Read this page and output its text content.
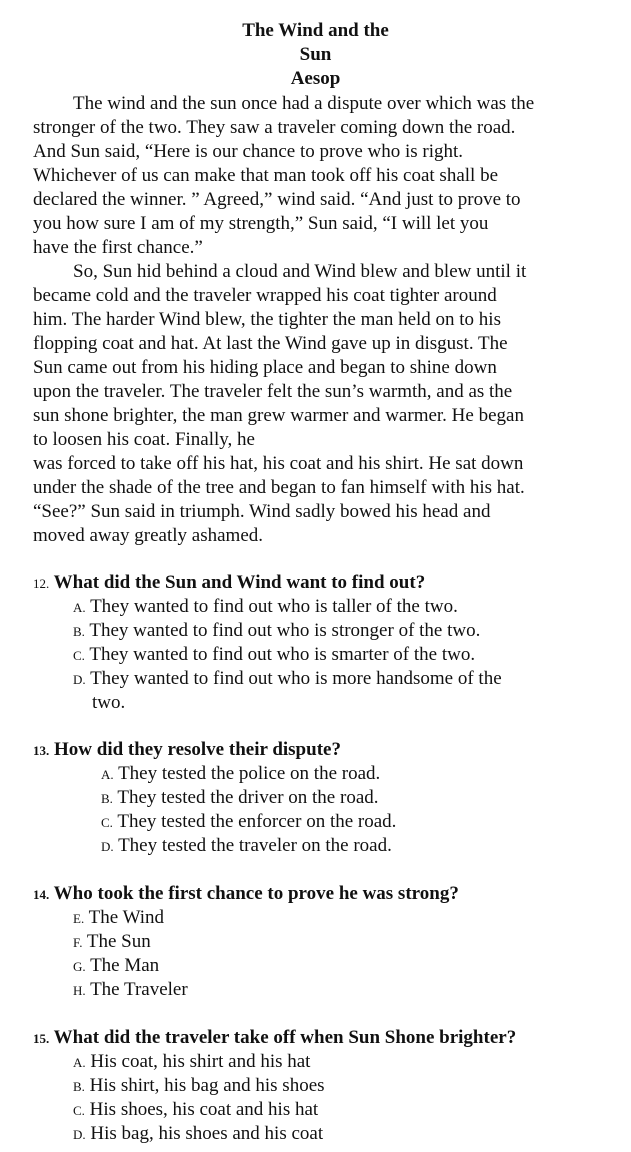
The Wind and the
Sun
Aesop
The wind and the sun once had a dispute over which was the
stronger of the two. They saw a traveler coming down the road.
And Sun said, “Here is our chance to prove who is right.
Whichever of us can make that man took off his coat shall be
declared the winner. ” Agreed,” wind said. “And just to prove to
you how sure I am of my strength,” Sun said, “I will let you
have the first chance.”
So, Sun hid behind a cloud and Wind blew and blew until it
became cold and the traveler wrapped his coat tighter around
him. The harder Wind blew, the tighter the man held on to his
flopping coat and hat. At last the Wind gave up in disgust. The
Sun came out from his hiding place and began to shine down
upon the traveler. The traveler felt the sun’s warmth, and as the
sun shone brighter, the man grew warmer and warmer. He began
to loosen his coat. Finally, he
was forced to take off his hat, his coat and his shirt. He sat down
under the shade of the tree and began to fan himself with his hat.
“See?” Sun said in triumph. Wind sadly bowed his head and
moved away greatly ashamed.
12. What did the Sun and Wind want to find out?
A. They wanted to find out who is taller of the two.
B. They wanted to find out who is stronger of the two.
C. They wanted to find out who is smarter of the two.
D. They wanted to find out who is more handsome of the
two.
13. How did they resolve their dispute?
A. They tested the police on the road.
B. They tested the driver on the road.
C. They tested the enforcer on the road.
D. They tested the traveler on the road.
14. Who took the first chance to prove he was strong?
E. The Wind
F. The Sun
G. The Man
H. The Traveler
15. What did the traveler take off when Sun Shone brighter?
A. His coat, his shirt and his hat
B. His shirt, his bag and his shoes
C. His shoes, his coat and his hat
D. His bag, his shoes and his coat
